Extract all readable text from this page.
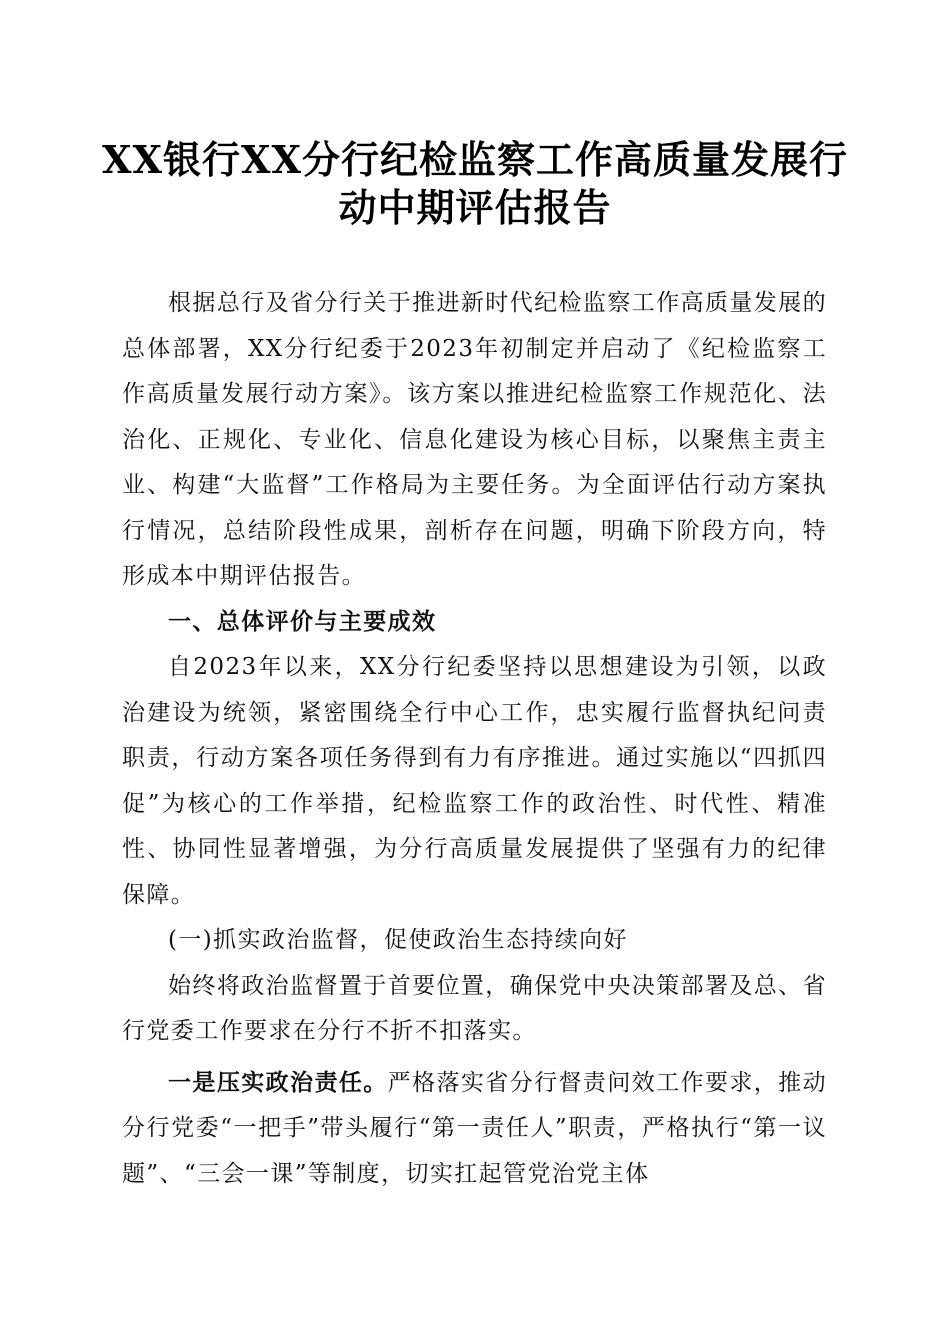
XX银行XX分行纪检监察工作高质量发展行动中期评估报告

根据总行及省分行关于推进新时代纪检监察工作高质量发展的总体部署，XX分行纪委于2023年初制定并启动了《纪检监察工作高质量发展行动方案》。该方案以推进纪检监察工作规范化、法治化、正规化、专业化、信息化建设为核心目标，以聚焦主责主业、构建“大监督”工作格局为主要任务。为全面评估行动方案执行情况，总结阶段性成果，剖析存在问题，明确下阶段方向，特形成本中期评估报告。

一、总体评价与主要成效

自2023年以来，XX分行纪委坚持以思想建设为引领，以政治建设为统领，紧密围绕全行中心工作，忠实履行监督执纪问责职责，行动方案各项任务得到有力有序推进。通过实施以“四抓四促”为核心的工作举措，纪检监察工作的政治性、时代性、精准性、协同性显著增强，为分行高质量发展提供了坚强有力的纪律保障。

(一)抓实政治监督，促使政治生态持续向好

始终将政治监督置于首要位置，确保党中央决策部署及总、省行党委工作要求在分行不折不扣落实。

一是压实政治责任。严格落实省分行督责问效工作要求，推动分行党委“一把手”带头履行“第一责任人”职责，严格执行“第一议题”、“三会一课”等制度，切实扛起管党治党主体
